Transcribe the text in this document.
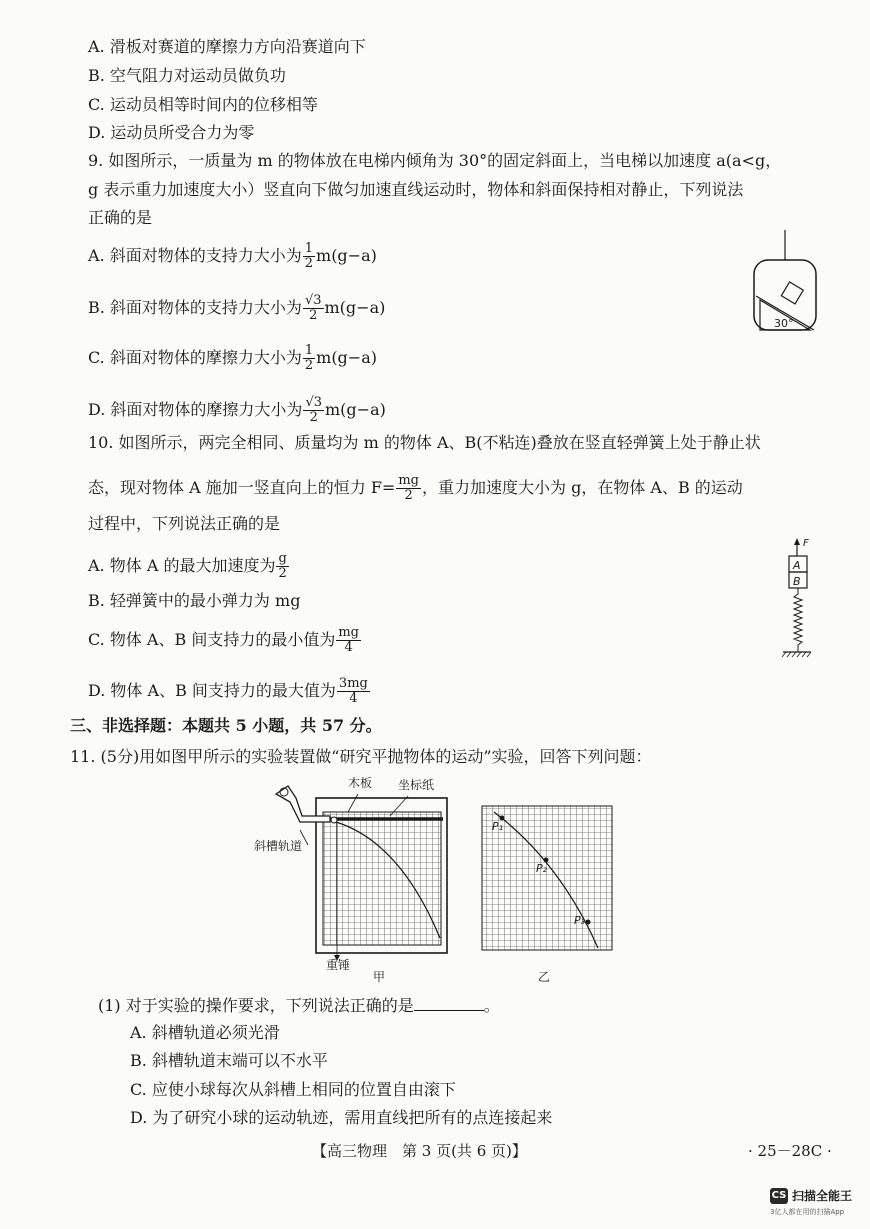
A. 滑板对赛道的摩擦力方向沿赛道向下
B. 空气阻力对运动员做负功
C. 运动员相等时间内的位移相等
D. 运动员所受合力为零
9. 如图所示，一质量为 m 的物体放在电梯内倾角为 30°的固定斜面上，当电梯以加速度 a(a<g，
g 表示重力加速度大小）竖直向下做匀加速直线运动时，物体和斜面保持相对静止，下列说法
正确的是
A. 斜面对物体的支持力大小为 $\frac{1}{2} m(g-a)$
B. 斜面对物体的支持力大小为 $\frac{√3}{2} m(g-a)$
C. 斜面对物体的摩擦力大小为 $\frac{1}{2} m(g-a)$
D. 斜面对物体的摩擦力大小为 $\frac{√3}{2} m(g-a)$
30°
10. 如图所示，两完全相同、质量均为 m 的物体 A、B(不粘连)叠放在竖直轻弹簧上处于静止状
态，现对物体 A 施加一竖直向上的恒力 $F= \frac{mg}{2}$ ，重力加速度大小为 g，在物体 A、B 的运动
过程中，下列说法正确的是
A. 物体 A 的最大加速度为 $\frac{g}{2}$
B. 轻弹簧中的最小弹力为 mg
C. 物体 A、B 间支持力的最小值为 $\frac{mg}{4}$
D. 物体 A、B 间支持力的最大值为 $\frac{3mg}{4}$
F
A
B
三、非选择题：本题共 5 小题，共 57 分。
11. (5分)用如图甲所示的实验装置做“研究平抛物体的运动”实验，回答下列问题：
木板 坐标纸
斜槽轨道
重锤
甲
P₁
P₂
P₃
乙
(1) 对于实验的操作要求，下列说法正确的是	。
A. 斜槽轨道必须光滑
B. 斜槽轨道末端可以不水平
C. 应使小球每次从斜槽上相同的位置自由滚下
D. 为了研究小球的运动轨迹，需用直线把所有的点连接起来
【高三物理　第 3 页(共 6 页)】	· 25－28C ·
CS 扫描全能王
3亿人都在用的扫描App
